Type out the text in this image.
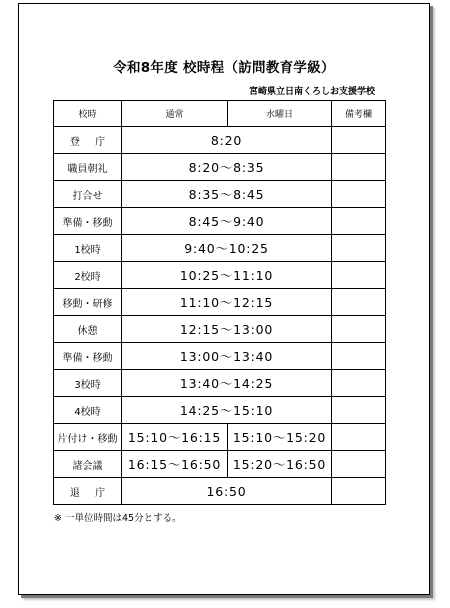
令和8年度 校時程（訪問教育学級）
宮崎県立日南くろしお支援学校
校時	通常	水曜日	備考欄
登 庁	8:20		
職員朝礼	8:20～8:35		
打合せ	8:35～8:45		
準備・移動	8:45～9:40		
1校時	9:40～10:25		
2校時	10:25～11:10		
移動・研修	11:10～12:15		
休憩	12:15～13:00		
準備・移動	13:00～13:40		
3校時	13:40～14:25		
4校時	14:25～15:10		
片付け・移動	15:10～16:15	15:10～15:20	
諸会議	16:15～16:50	15:20～16:50	
退 庁	16:50		
※ 一単位時間は45分とする。
